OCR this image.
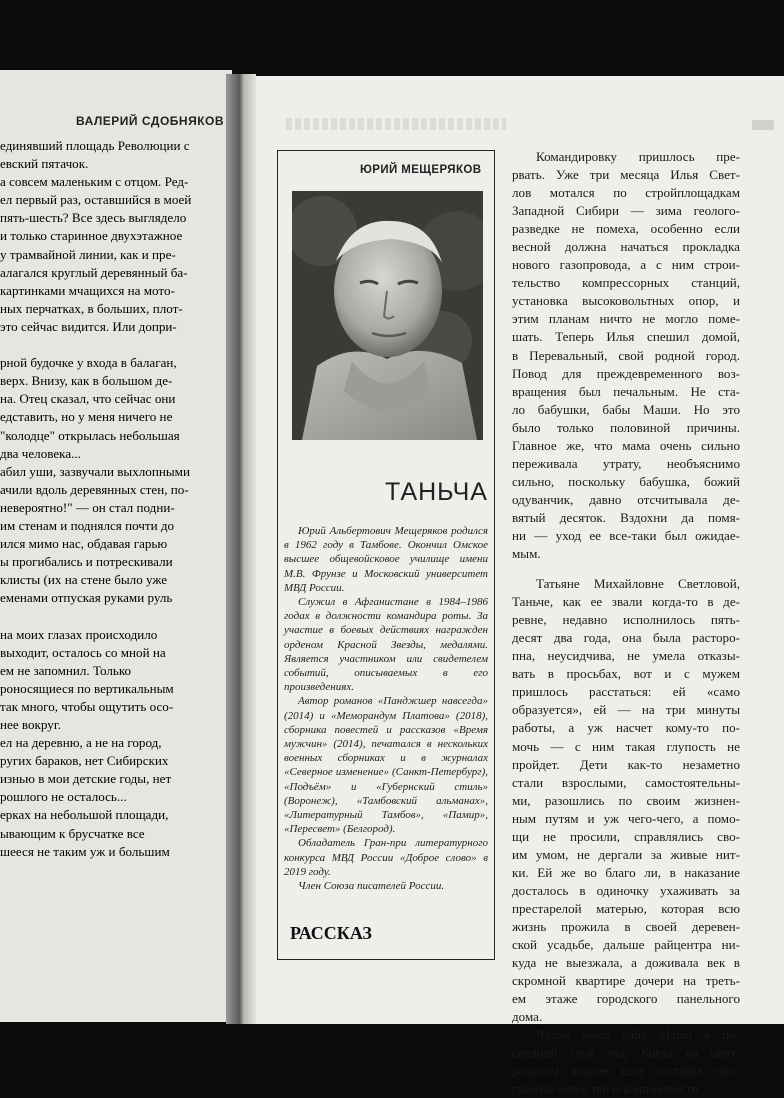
ВАЛЕРИЙ СДОБНЯКОВ
единявший площадь Революции с
евский пятачок.
а совсем маленьким с отцом. Ред-
ел первый раз, оставшийся в моей
пять-шесть? Все здесь выглядело
и только старинное двухэтажное
у трамвайной линии, как и пре-
алагался круглый деревянный ба-
картинками мчащихся на мото-
ных перчатках, в больших, плот-
это сейчас видится. Или допри-
рной будочке у входа в балаган,
верх. Внизу, как в большом де-
на. Отец сказал, что сейчас они
едставить, но у меня ничего не
"колодце" открылась небольшая
два человека...
абил уши, зазвучали выхлопными
ачили вдоль деревянных стен, по-
невероятно!" — он стал подни-
им стенам и поднялся почти до
ился мимо нас, обдавая гарью
ы прогибались и потрескивали
клисты (их на стене было уже
еменами отпуская руками руль
на моих глазах происходило
выходит, осталось со мной на
ем не запомнил. Только
роносящиеся по вертикальным
так много, чтобы ощутить осо-
нее вокруг.
ел на деревню, а не на город,
ругих бараков, нет Сибирских
изнью в мои детские годы, нет
рошлого не осталось...
ерках на небольшой площади,
ывающим к брусчатке все
шееся не таким уж и большим
ЮРИЙ МЕЩЕРЯКОВ
ТАНЬЧА

Юрий Альбертович Мещеряков родился в 1962 году в Тамбове. Окончил Омское высшее общевойсковое училище имени М.В. Фрунзе и Московский университет МВД России.

Служил в Афганистане в 1984–1986 годах в должности командира роты. За участие в боевых действиях награжден орденом Красной Звезды, медалями. Является участником или свидетелем событий, описываемых в его произведениях.

Автор романов «Панджшер навсегда» (2014) и «Меморандум Платова» (2018), сборника повестей и рассказов «Время мужчин» (2014), печатался в нескольких военных сборниках и в журналах «Северное изменение» (Санкт-Петербург), «Подъём» и «Губернский стиль» (Воронеж), «Тамбовский альманах», «Литературный Тамбов», «Памир», «Пересвет» (Белгород).

Обладатель Гран-при литературного конкурса МВД России «Доброе слово» в 2019 году.

Член Союза писателей России.

РАССКАЗ
Командировку пришлось пре-
рвать. Уже три месяца Илья Свет-
лов мотался по стройплощадкам
Западной Сибири — зима геолого-
разведке не помеха, особенно если
весной должна начаться прокладка
нового газопровода, а с ним строи-
тельство компрессорных станций,
установка высоковольтных опор, и
этим планам ничто не могло поме-
шать. Теперь Илья спешил домой,
в Перевальный, свой родной город.
Повод для преждевременного воз-
вращения был печальным. Не ста-
ло бабушки, бабы Маши. Но это
было только половиной причины.
Главное же, что мама очень сильно
переживала утрату, необъяснимо
сильно, поскольку бабушка, божий
одуванчик, давно отсчитывала де-
вятый десяток. Вздохни да помя-
ни — уход ее все-таки был ожидае-
мым.
Татьяне Михайловне Светловой,
Таньче, как ее звали когда-то в де-
ревне, недавно исполнилось пять-
десят два года, она была расторо-
пна, неусидчива, не умела отказы-
вать в просьбах, вот и с мужем
пришлось расстаться: ей «само
образуется», ей — на три минуты
работы, а уж насчет кому-то по-
мочь — с ним такая глупость не
пройдет. Дети как-то незаметно
стали взрослыми, самостоятельны-
ми, разошлись по своим жизнен-
ным путям и уж чего-чего, а помо-
щи не просили, справлялись сво-
им умом, не дергали за живые нит-
ки. Ей же во благо ли, в наказание
досталось в одиночку ухаживать за
престарелой матерью, которая всю
жизнь прожила в своей деревен-
ской усадьбе, дальше райцентра ни-
куда не выезжала, а доживала век в
скромной квартире дочери на треть-
ем этаже городского панельного
дома.
Чудна́ была баба Маша в по-
следний свой год. Когда на цент-
ральном канале шла заставка про-
граммы новостей и кони-новости
